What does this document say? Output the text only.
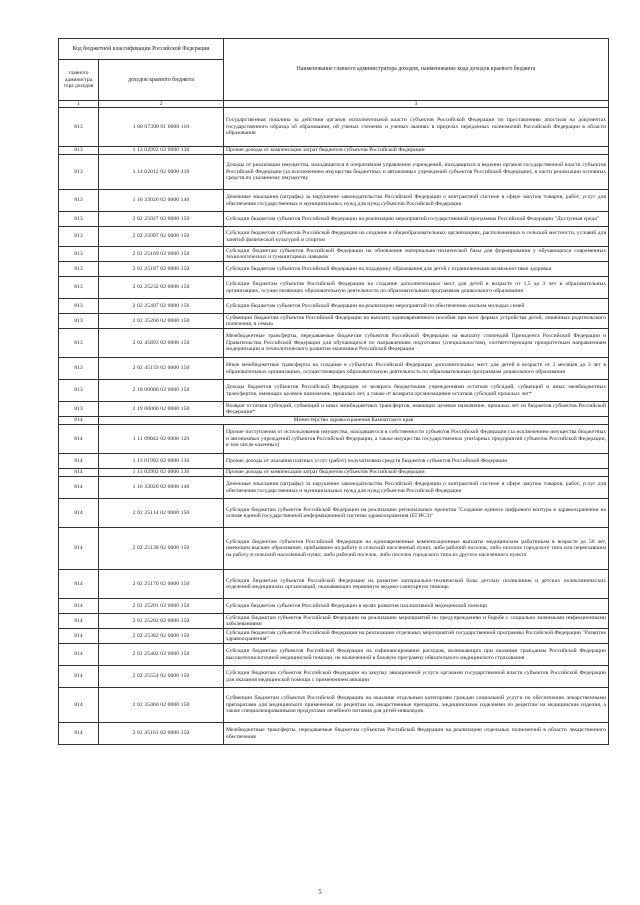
Код бюджетной классификации Российской Федерации		Наименование главного администратора доходов, наименование кода доходов краевого бюджета
главного администра тора доходов	доходов краевого бюджета	
1	2	3
813	1 08 07390 01 0000 110	Государственная пошлина за действия органов исполнительной власти субъектов Российской Федерации по проставлению апостиля на документах государственного образца об образовании, об ученых степенях и ученых званиях в пределах переданных полномочий Российской Федерации в области образования
813	1 13 02992 02 0000 130	Прочие доходы от компенсации затрат бюджетов субъектов Российской Федерации
813	1 14 02012 02 0000 410	Доходы от реализации имущества, находящегося в оперативном управлении учреждений, находящихся в ведении органов государственной власти субъектов Российской Федерации (за исключением имущества бюджетных и автономных учреждений субъектов Российской Федерации), в части реализации основных средств по указанному имуществу
813	1 16 33020 02 0000 140	Денежные взыскания (штрафы) за нарушение законодательства Российской Федерации о контрактной системе в сфере закупок товаров, работ, услуг для обеспечения государственных и муниципальных нужд для нужд субъектов Российской Федерации
813	2 02 25027 02 0000 150	Субсидии бюджетам субъектов Российской Федерации на реализацию мероприятий государственной программы Российской Федерации "Доступная среда"
813	2 02 25097 02 0000 150	Субсидии бюджетам субъектов Российской Федерации на создание в общеобразовательных организациях, расположенных в сельской местности, условий для занятий физической культурой и спортом
813	2 02 25169 02 0000 150	Субсидии бюджетам субъектов Российской Федерации на обновление материально-технической базы для формирования у обучающихся современных технологических и гуманитарных навыков
813	2 02 25187 02 0000 150	Субсидии бюджетам субъектов Российской Федерации на поддержку образования для детей с ограниченными возможностями здоровья
813	2 02 25232 02 0000 150	Субсидии бюджетам субъектов Российской Федерации на создание дополнительных мест для детей в возрасте от 1,5 до 3 лет в образовательных организациях, осуществляющих образовательную деятельность по образовательным программам дошкольного образования
813	2 02 25497 02 0000 150	Субсидии бюджетам субъектов Российской Федерации на реализацию мероприятий по обеспечению жильем молодых семей
813	2 02 35260 02 0000 150	Субвенции бюджетам субъектов Российской Федерации на выплату единовременного пособия при всех формах устройства детей, лишенных родительского попечения, в семью
813	2 02 45893 02 0000 150	Межбюджетные трансферты, передаваемые бюджетам субъектов Российской Федерации на выплату стипендий Президента Российской Федерации и Правительства Российской Федерации для обучающихся по направлениям подготовки (специальностям), соответствующим приоритетным направлениям модернизации и технологического развития экономики Российской Федерации
813	2 02 45159 02 0000 150	Иные межбюджетные трансферты на создание в субъектах Российской Федерации дополнительных мест для детей в возрасте от 2 месяцев до 3 лет в образовательных организациях, осуществляющих образовательную деятельность по образовательным программам дошкольного образования
813	2 18 00000 02 0000 150	Доходы бюджетов субъектов Российской Федерации от возврата бюджетными учреждениями остатков субсидий, субвенций и иных межбюджетных трансфертов, имеющих целевое назначение, прошлых лет, а также от возврата организациями остатков субсидий прошлых лет*
813	2 19 00000 02 0000 150	Возврат остатков субсидий, субвенций и иных межбюджетных трансфертов, имеющих целевое назначение, прошлых лет из бюджетов субъектов Российской Федерации*
814	Министерство здравоохранения Камчатского края	
814	1 11 09042 02 0000 120	Прочие поступления от использования имущества, находящегося в собственности субъектов Российской Федерации (за исключением имущества бюджетных и автономных учреждений субъектов Российской Федерации, а также имущества государственных унитарных предприятий субъектов Российской Федерации, в том числе казенных)
814	1 13 01992 02 0000 130	Прочие доходы от оказания платных услуг (работ) получателями средств бюджетов субъектов Российской Федерации
814	1 13 02992 02 0000 130	Прочие доходы от компенсации затрат бюджетов субъектов Российской Федерации
814	1 16 33020 02 0000 140	Денежные взыскания (штрафы) за нарушение законодательства Российской Федерации о контрактной системе в сфере закупок товаров, работ, услуг для обеспечения государственных и муниципальных нужд для нужд субъектов Российской Федерации
814	2 02 25114 02 0000 150	Субсидии бюджетам субъектов Российской Федерации на реализацию региональных проектов "Создание единого цифрового контура в здравоохранении на основе единой государственной информационной системы здравоохранения (ЕГИСЗ)"
814	2 02 25138 02 0000 150	Субсидии бюджетам субъектов Российской Федерации на единовременные компенсационные выплаты медицинским работникам в возрасте до 50 лет, имеющим высшее образование, прибывшим на работу в сельский населенный пункт, либо рабочий поселок, либо поселок городского типа или переехавшим на работу в сельский населенный пункт, либо рабочий поселок, либо поселок городского типа из другого населенного пункта
814	2 02 25170 02 0000 150	Субсидии бюджетам субъектов Российской Федерации на развитие материально-технической базы детских поликлиник и детских поликлинических отделений медицинских организаций, оказывающих первичную медико-санитарную помощь
814	2 02 25201 02 0000 150	Субсидии бюджетам субъектов Российской Федерации в целях развития паллиативной медицинской помощи
814	2 02 25202 02 0000 150	Субсидии бюджетам субъектов Российской Федерации на реализацию мероприятий по предупреждению и борьбе с социально значимыми инфекционными заболеваниями
814	2 02 25382 02 0000 150	Субсидии бюджетам субъектов Российской Федерации на реализацию отдельных мероприятий государственной программы Российской Федерации "Развитие здравоохранения"
814	2 02 25402 02 0000 150	Субсидии бюджетам субъектов Российской Федерации на софинансирование расходов, возникающих при оказании гражданам Российской Федерации высокотехнологичной медицинской помощи, не включенной в базовую программу обязательного медицинского страхования
814	2 02 25554 02 0000 150	Субсидии бюджетам субъектов Российской Федерации на закупку авиационной услуги органами государственной власти субъектов Российской Федерации для оказания медицинской помощи с применением авиации
814	2 02 35460 02 0000 150	Субвенции бюджетам субъектов Российской Федерации на оказание отдельным категориям граждан социальной услуги по обеспечению лекарственными препаратами для медицинского применения по рецептам на лекарственные препараты, медицинскими изделиями по рецептам на медицинские изделия, а также специализированными продуктами лечебного питания для детей-инвалидов
814	2 02 45161 02 0000 150	Межбюджетные трансферты, передаваемые бюджетам субъектов Российской Федерации на реализацию отдельных полномочий в области лекарственного обеспечения
5
